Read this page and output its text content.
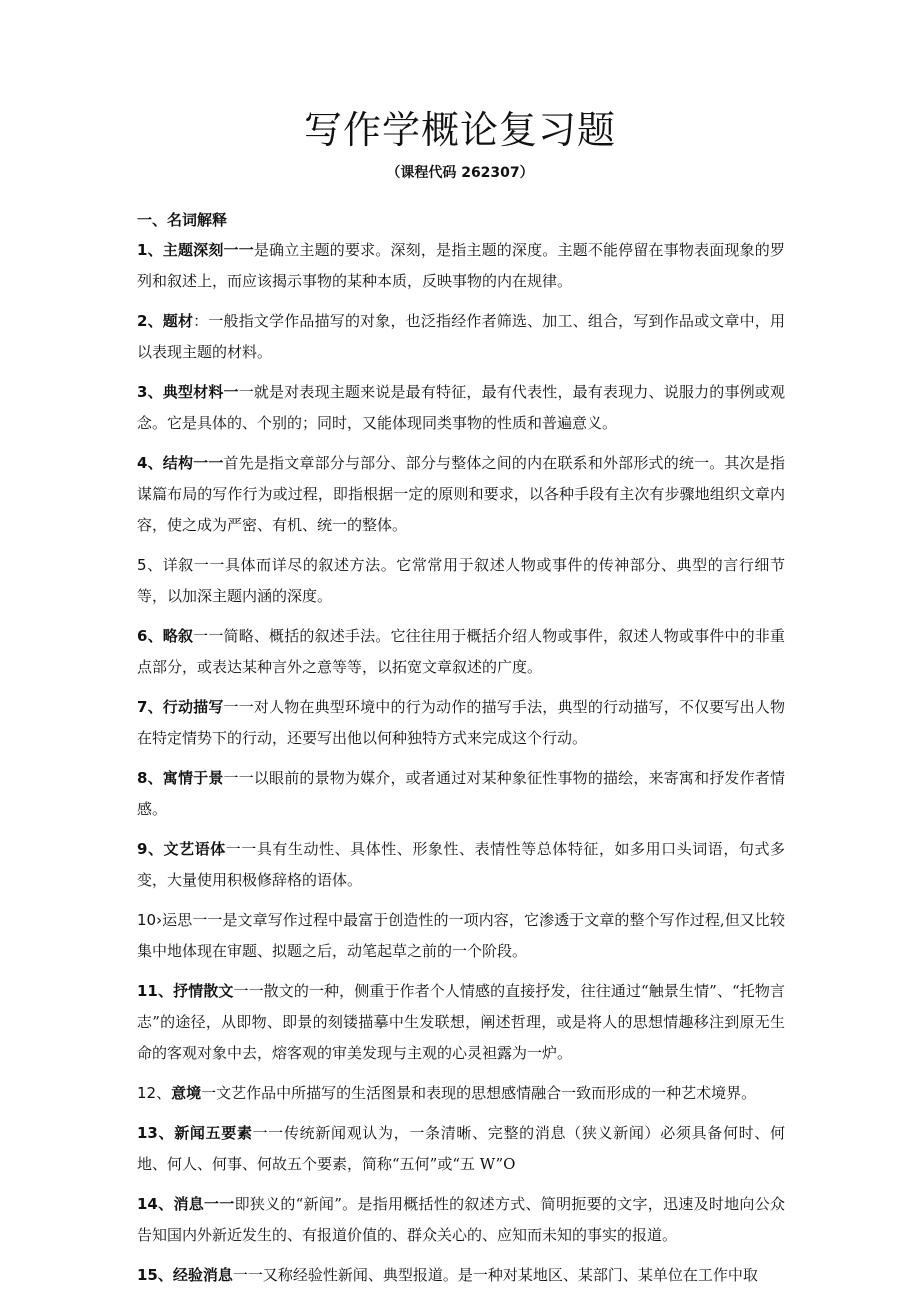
写作学概论复习题
（课程代码 262307）
一、名词解释

1、主题深刻一一是确立主题的要求。深刻，是指主题的深度。主题不能停留在事物表面现象的罗列和叙述上，而应该揭示事物的某种本质，反映事物的内在规律。

2、题材：一般指文学作品描写的对象，也泛指经作者筛选、加工、组合，写到作品或文章中，用以表现主题的材料。

3、典型材料一一就是对表现主题来说是最有特征，最有代表性，最有表现力、说服力的事例或观念。它是具体的、个别的；同时，又能体现同类事物的性质和普遍意义。

4、结构一一首先是指文章部分与部分、部分与整体之间的内在联系和外部形式的统一。其次是指谋篇布局的写作行为或过程，即指根据一定的原则和要求，以各种手段有主次有步骤地组织文章内容，使之成为严密、有机、统一的整体。

5、详叙一一具体而详尽的叙述方法。它常常用于叙述人物或事件的传神部分、典型的言行细节等，以加深主题内涵的深度。

6、略叙一一简略、概括的叙述手法。它往往用于概括介绍人物或事件，叙述人物或事件中的非重点部分，或表达某种言外之意等等，以拓宽文章叙述的广度。

7、行动描写一一对人物在典型环境中的行为动作的描写手法，典型的行动描写，不仅要写出人物在特定情势下的行动，还要写出他以何种独特方式来完成这个行动。

8、寓情于景一一以眼前的景物为媒介，或者通过对某种象征性事物的描绘，来寄寓和抒发作者情感。

9、文艺语体一一具有生动性、具体性、形象性、表情性等总体特征，如多用口头词语，句式多变，大量使用积极修辞格的语体。

10›运思一一是文章写作过程中最富于创造性的一项内容，它渗透于文章的整个写作过程,但又比较集中地体现在审题、拟题之后，动笔起草之前的一个阶段。

11、抒情散文一一散文的一种，侧重于作者个人情感的直接抒发，往往通过“触景生情”、“托物言志”的途径，从即物、即景的刻镂描摹中生发联想，阐述哲理，或是将人的思想情趣移注到原无生命的客观对象中去，熔客观的审美发现与主观的心灵袒露为一炉。

12、意境一文艺作品中所描写的生活图景和表现的思想感情融合一致而形成的一种艺术境界。

13、新闻五要素一一传统新闻观认为，一条清晰、完整的消息（狭义新闻）必须具备何时、何地、何人、何事、何故五个要素，简称“五何”或“五 W”O

14、消息一一即狭义的“新闻”。是指用概括性的叙述方式、简明扼要的文字，迅速及时地向公众告知国内外新近发生的、有报道价值的、群众关心的、应知而未知的事实的报道。

15、经验消息一一又称经验性新闻、典型报道。是一种对某地区、某部门、某单位在工作中取
